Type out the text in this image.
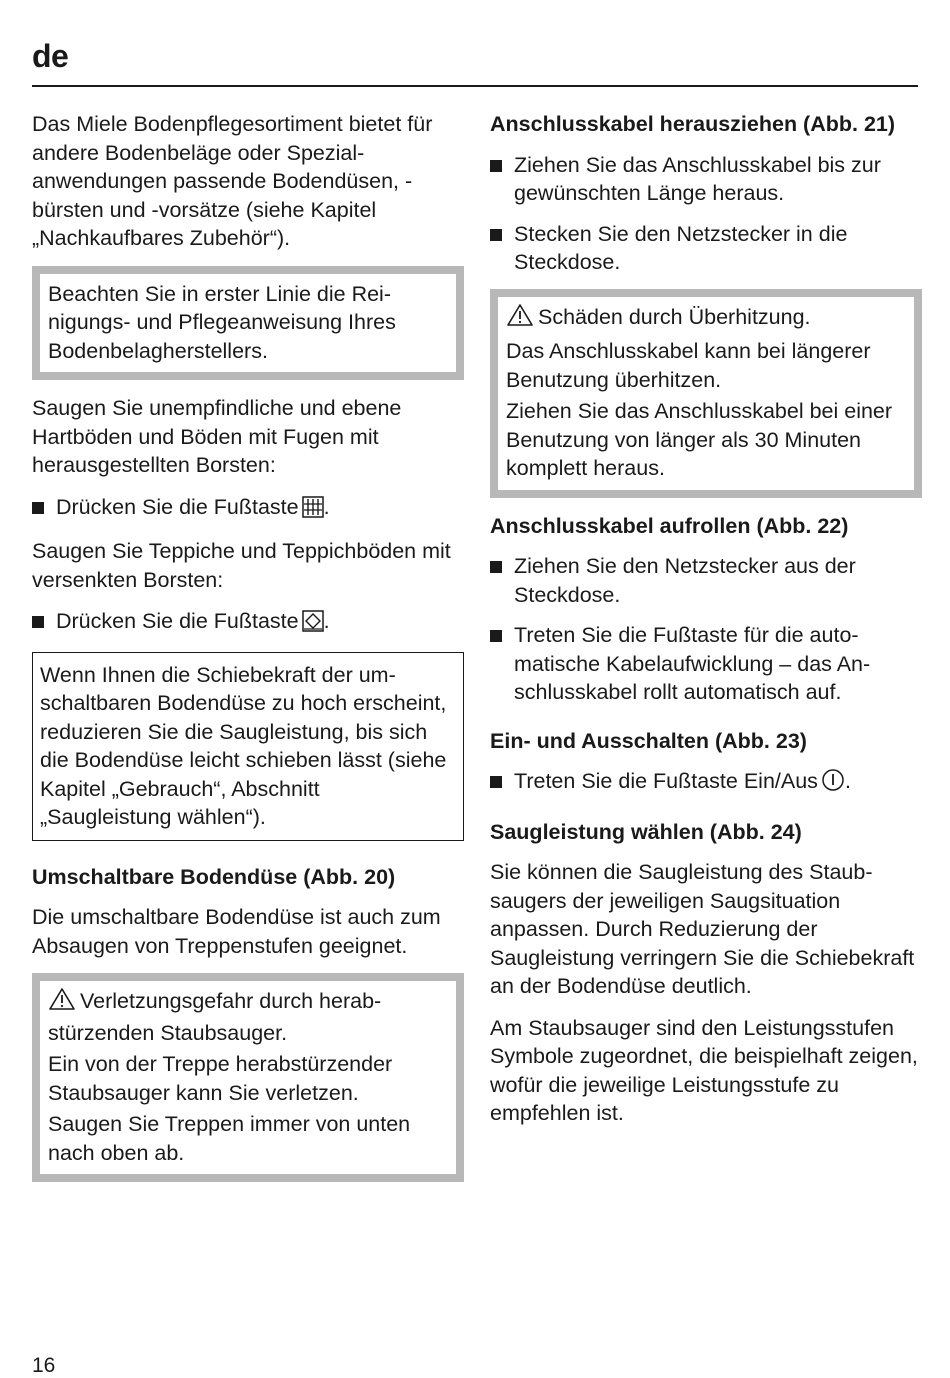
de

Das Miele Bodenpflegesortiment bietet für andere Bodenbeläge oder Spezialanwendungen passende Bodendüsen, -bürsten und -vorsätze (siehe Kapitel „Nachkaufbares Zubehör“).

Beachten Sie in erster Linie die Reinigungs- und Pflegeanweisung Ihres Bodenbelagherstellers.

Saugen Sie unempfindliche und ebene Hartböden und Böden mit Fugen mit herausgestellten Borsten:

Drücken Sie die Fußtaste .

Saugen Sie Teppiche und Teppichböden mit versenkten Borsten:

Drücken Sie die Fußtaste .

Wenn Ihnen die Schiebekraft der umschaltbaren Bodendüse zu hoch erscheint, reduzieren Sie die Saugleistung, bis sich die Bodendüse leicht schieben lässt (siehe Kapitel „Gebrauch“, Abschnitt „Saugleistung wählen“).

Umschaltbare Bodendüse (Abb. 20)

Die umschaltbare Bodendüse ist auch zum Absaugen von Treppenstufen geeignet.

Verletzungsgefahr durch herabstürzenden Staubsauger.

Ein von der Treppe herabstürzender Staubsauger kann Sie verletzen.

Saugen Sie Treppen immer von unten nach oben ab.

Anschlusskabel herausziehen (Abb. 21)

Ziehen Sie das Anschlusskabel bis zur gewünschten Länge heraus.
Stecken Sie den Netzstecker in die Steckdose.

Schäden durch Überhitzung.

Das Anschlusskabel kann bei längerer Benutzung überhitzen.

Ziehen Sie das Anschlusskabel bei einer Benutzung von länger als 30 Minuten komplett heraus.

Anschlusskabel aufrollen (Abb. 22)

Ziehen Sie den Netzstecker aus der Steckdose.
Treten Sie die Fußtaste für die automatische Kabelaufwicklung – das Anschlusskabel rollt automatisch auf.

Ein- und Ausschalten (Abb. 23)

Treten Sie die Fußtaste Ein/Aus .

Saugleistung wählen (Abb. 24)

Sie können die Saugleistung des Staubsaugers der jeweiligen Saugsituation anpassen. Durch Reduzierung der Saugleistung verringern Sie die Schiebekraft an der Bodendüse deutlich.

Am Staubsauger sind den Leistungsstufen Symbole zugeordnet, die beispielhaft zeigen, wofür die jeweilige Leistungsstufe zu empfehlen ist.

16
